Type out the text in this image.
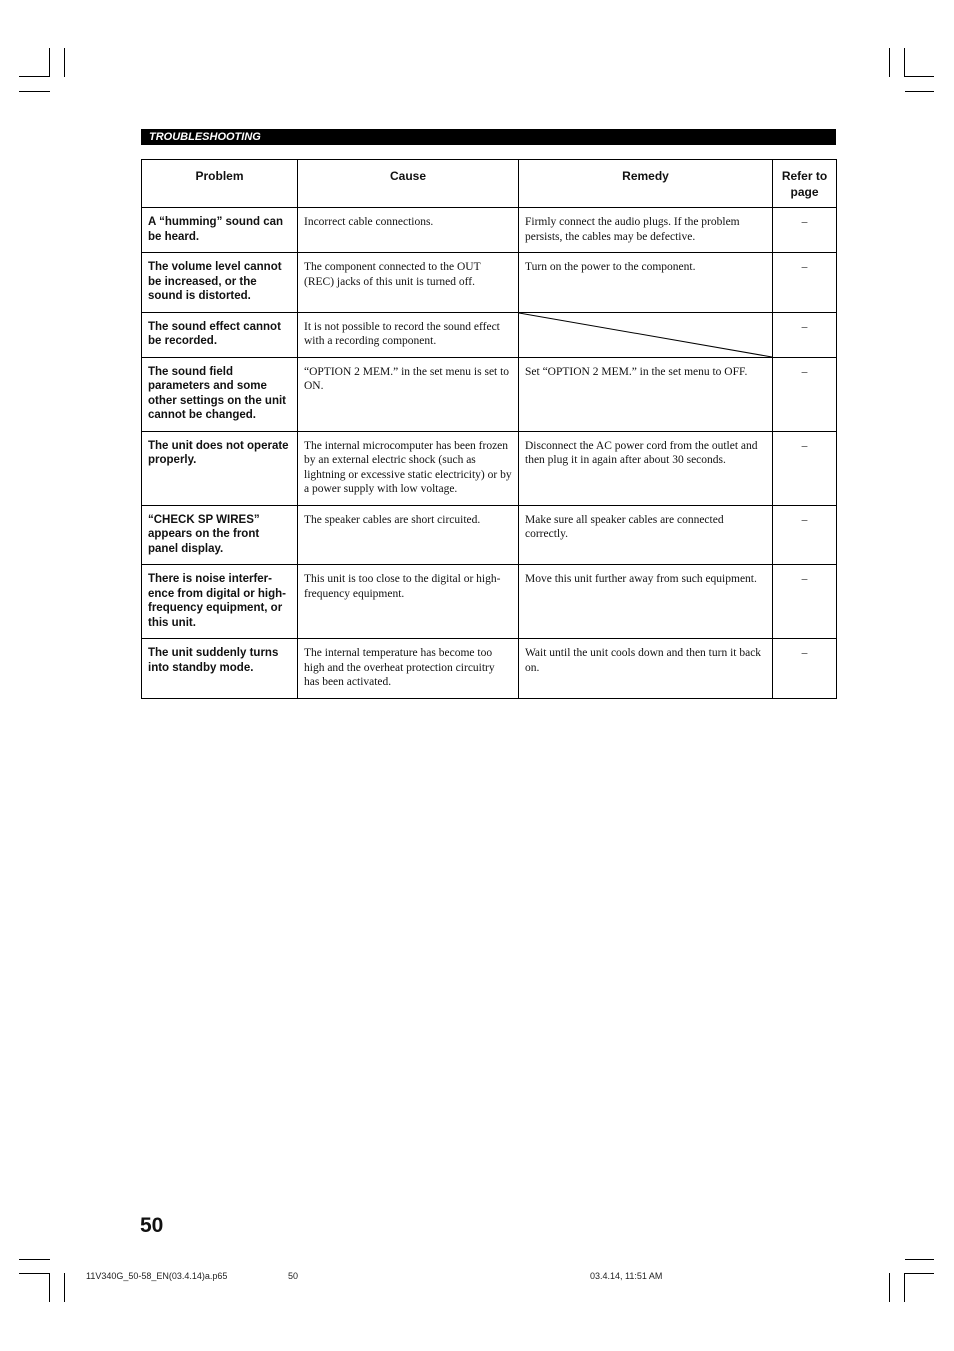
TROUBLESHOOTING
Problem	Cause	Remedy	Refer to page
A “humming” sound can be heard.	Incorrect cable connections.	Firmly connect the audio plugs. If the problem persists, the cables may be defective.	–
The volume level cannot be increased, or the sound is distorted.	The component connected to the OUT (REC) jacks of this unit is turned off.	Turn on the power to the component.	–
The sound effect cannot be recorded.	It is not possible to record the sound effect with a recording component.		–
The sound field parameters and some other settings on the unit cannot be changed.	“OPTION 2 MEM.” in the set menu is set to ON.	Set “OPTION 2 MEM.” in the set menu to OFF.	–
The unit does not operate properly.	The internal microcomputer has been frozen by an external electric shock (such as lightning or excessive static electricity) or by a power supply with low voltage.	Disconnect the AC power cord from the outlet and then plug it in again after about 30 seconds.	–
“CHECK SP WIRES” appears on the front panel display.	The speaker cables are short circuited.	Make sure all speaker cables are connected correctly.	–
There is noise interfer-ence from digital or high-frequency equipment, or this unit.	This unit is too close to the digital or high-frequency equipment.	Move this unit further away from such equipment.	–
The unit suddenly turns into standby mode.	The internal temperature has become too high and the overheat protection circuitry has been activated.	Wait until the unit cools down and then turn it back on.	–
50
11V340G_50-58_EN(03.4.14)a.p65	50	03.4.14, 11:51 AM
